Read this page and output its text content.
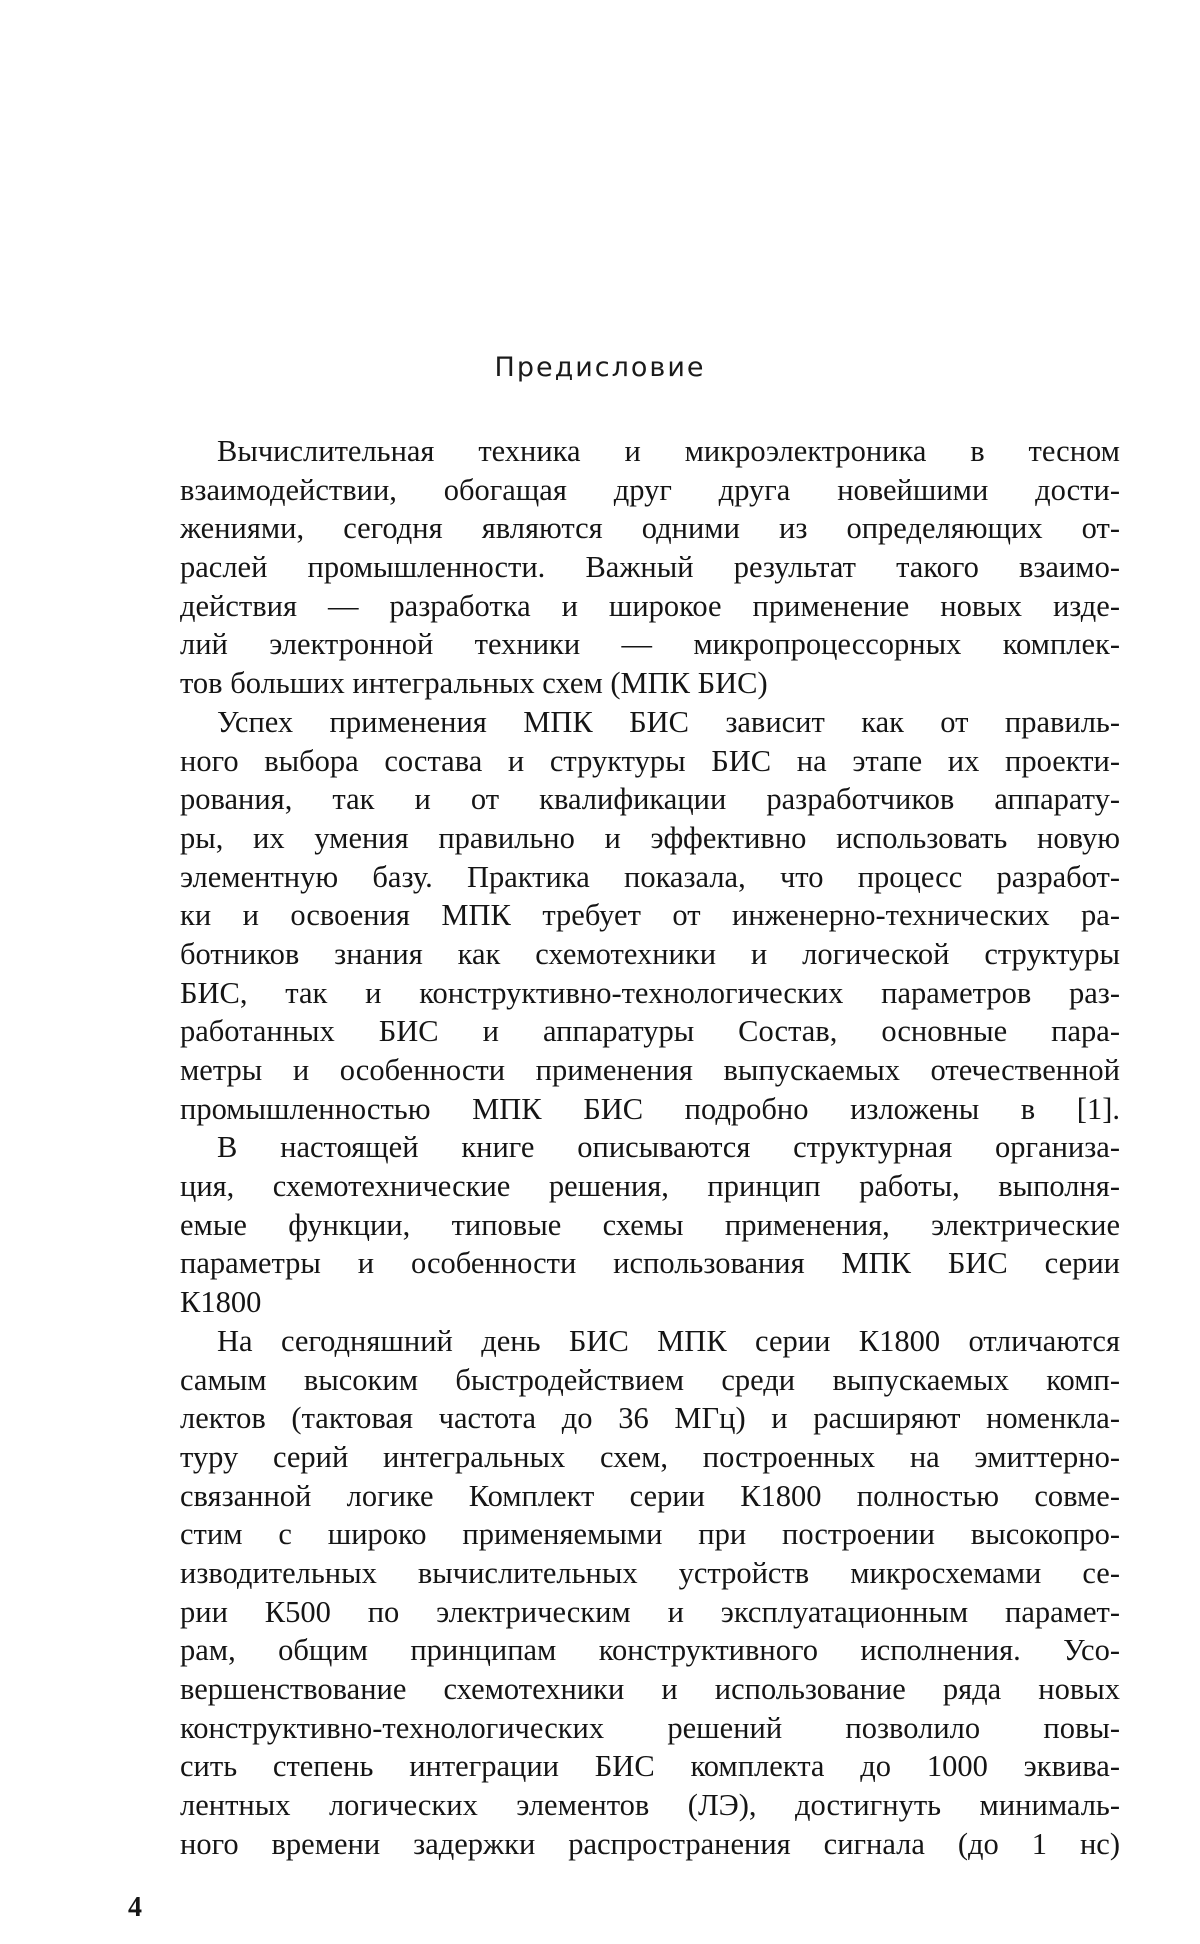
Предисловие
Вычислительная техника и микроэлектроника в тесном
взаимодействии, обогащая друг друга новейшими дости-
жениями, сегодня являются одними из определяющих от-
раслей промышленности. Важный результат такого взаимо-
действия — разработка и широкое применение новых изде-
лий электронной техники — микропроцессорных комплек-
тов больших интегральных схем (МПК БИС)
Успех применения МПК БИС зависит как от правиль-
ного выбора состава и структуры БИС на этапе их проекти-
рования, так и от квалификации разработчиков аппарату-
ры, их умения правильно и эффективно использовать новую
элементную базу. Практика показала, что процесс разработ-
ки и освоения МПК требует от инженерно-технических ра-
ботников знания как схемотехники и логической структуры
БИС, так и конструктивно-технологических параметров раз-
работанных БИС и аппаратуры Состав, основные пара-
метры и особенности применения выпускаемых отечественной
промышленностью МПК БИС подробно изложены в [1].
В настоящей книге описываются структурная организа-
ция, схемотехнические решения, принцип работы, выполня-
емые функции, типовые схемы применения, электрические
параметры и особенности использования МПК БИС серии
К1800
На сегодняшний день БИС МПК серии К1800 отличаются
самым высоким быстродействием среди выпускаемых комп-
лектов (тактовая частота до 36 МГц) и расширяют номенкла-
туру серий интегральных схем, построенных на эмиттерно-
связанной логике Комплект серии К1800 полностью совме-
стим с широко применяемыми при построении высокопро-
изводительных вычислительных устройств микросхемами се-
рии К500 по электрическим и эксплуатационным парамет-
рам, общим принципам конструктивного исполнения. Усо-
вершенствование схемотехники и использование ряда новых
конструктивно-технологических решений позволило повы-
сить степень интеграции БИС комплекта до 1000 эквива-
лентных логических элементов (ЛЭ), достигнуть минималь-
ного времени задержки распространения сигнала (до 1 нс)
4
